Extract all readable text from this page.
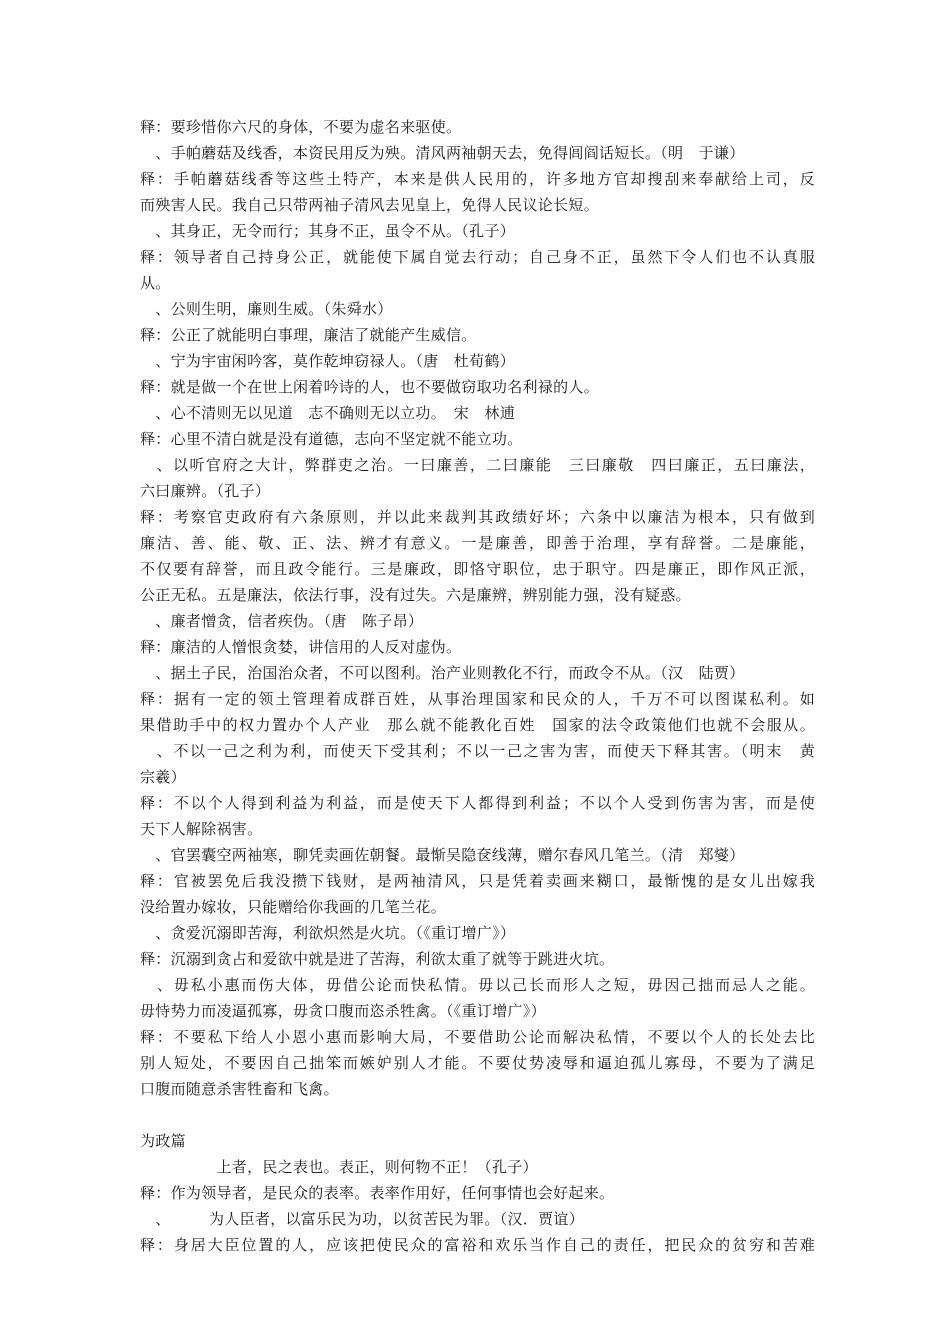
释：要珍惜你六尺的身体，不要为虚名来驱使。
　、手帕蘑菇及线香，本资民用反为殃。清风两袖朝天去，免得闾阎话短长。（明　于谦）
释：手帕蘑菇线香等这些土特产，本来是供人民用的，许多地方官却搜刮来奉献给上司，反
而殃害人民。我自己只带两袖子清风去见皇上，免得人民议论长短。
　、其身正，无令而行；其身不正，虽令不从。（孔子）
释：领导者自己持身公正，就能使下属自觉去行动；自己身不正，虽然下令人们也不认真服
从。
　、公则生明，廉则生威。（朱舜水）
释：公正了就能明白事理，廉洁了就能产生威信。
　、宁为宇宙闲吟客，莫作乾坤窃禄人。（唐　杜荀鹤）
释：就是做一个在世上闲着吟诗的人，也不要做窃取功名利禄的人。
　、心不清则无以见道　志不确则无以立功。　宋　林逋
释：心里不清白就是没有道德，志向不坚定就不能立功。
　、以听官府之大计，弊群吏之治。一曰廉善，二曰廉能　三曰廉敬　四曰廉正，五曰廉法，
六曰廉辨。（孔子）
释：考察官吏政府有六条原则，并以此来裁判其政绩好坏；六条中以廉洁为根本，只有做到
廉洁、善、能、敬、正、法、辨才有意义。一是廉善，即善于治理，享有辞誉。二是廉能，
不仅要有辞誉，而且政令能行。三是廉政，即恪守职位，忠于职守。四是廉正，即作风正派，
公正无私。五是廉法，依法行事，没有过失。六是廉辨，辨别能力强，没有疑惑。
　、廉者憎贪，信者疾伪。（唐　陈子昂）
释：廉洁的人憎恨贪婪，讲信用的人反对虚伪。
　、据土子民，治国治众者，不可以图利。治产业则教化不行，而政令不从。（汉　陆贾）
释：据有一定的领土管理着成群百姓，从事治理国家和民众的人，千万不可以图谋私利。如
果借助手中的权力置办个人产业　那么就不能教化百姓　国家的法令政策他们也就不会服从。
　、不以一己之利为利，而使天下受其利；不以一己之害为害，而使天下释其害。（明末　黄
宗羲）
释：不以个人得到利益为利益，而是使天下人都得到利益；不以个人受到伤害为害，而是使
天下人解除祸害。
　、官罢囊空两袖寒，聊凭卖画佐朝餐。最惭吴隐奁线薄，赠尔春风几笔兰。（清　郑燮）
释：官被罢免后我没攒下钱财，是两袖清风，只是凭着卖画来糊口，最惭愧的是女儿出嫁我
没给置办嫁妆，只能赠给你我画的几笔兰花。
　、贪爱沉溺即苦海，利欲炽然是火坑。（《重订增广》）
释：沉溺到贪占和爱欲中就是进了苦海，利欲太重了就等于跳进火坑。
　、毋私小惠而伤大体，毋借公论而快私情。毋以己长而形人之短，毋因己拙而忌人之能。
毋恃势力而凌逼孤寡，毋贪口腹而恣杀牲禽。（《重订增广》）
释：不要私下给人小恩小惠而影响大局，不要借助公论而解决私情，不要以个人的长处去比
别人短处，不要因自己拙笨而嫉妒别人才能。不要仗势凌辱和逼迫孤儿寡母，不要为了满足
口腹而随意杀害牲畜和飞禽。
为政篇
　　　　　上者，民之表也。表正，则何物不正！（孔子）
释：作为领导者，是民众的表率。表率作用好，任何事情也会好起来。
　、　　　为人臣者，以富乐民为功，以贫苦民为罪。（汉．贾谊）
释：身居大臣位置的人，应该把使民众的富裕和欢乐当作自己的责任，把民众的贫穷和苦难
